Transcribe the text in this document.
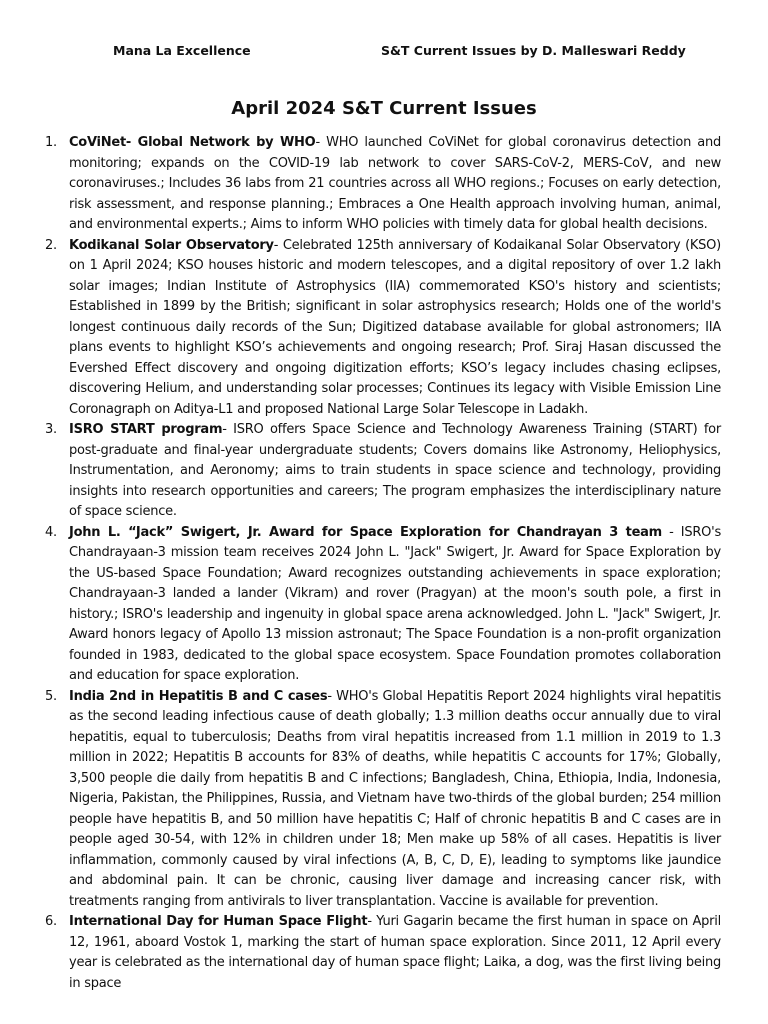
Mana La Excellence	S&T Current Issues by D. Malleswari Reddy
April 2024 S&T Current Issues
1. CoViNet- Global Network by WHO- WHO launched CoViNet for global coronavirus detection and monitoring; expands on the COVID-19 lab network to cover SARS-CoV-2, MERS-CoV, and new coronaviruses.; Includes 36 labs from 21 countries across all WHO regions.; Focuses on early detection, risk assessment, and response planning.; Embraces a One Health approach involving human, animal, and environmental experts.; Aims to inform WHO policies with timely data for global health decisions.
2. Kodikanal Solar Observatory- Celebrated 125th anniversary of Kodaikanal Solar Observatory (KSO) on 1 April 2024; KSO houses historic and modern telescopes, and a digital repository of over 1.2 lakh solar images; Indian Institute of Astrophysics (IIA) commemorated KSO's history and scientists; Established in 1899 by the British; significant in solar astrophysics research; Holds one of the world's longest continuous daily records of the Sun; Digitized database available for global astronomers; IIA plans events to highlight KSO’s achievements and ongoing research; Prof. Siraj Hasan discussed the Evershed Effect discovery and ongoing digitization efforts; KSO’s legacy includes chasing eclipses, discovering Helium, and understanding solar processes; Continues its legacy with Visible Emission Line Coronagraph on Aditya-L1 and proposed National Large Solar Telescope in Ladakh.
3. ISRO START program- ISRO offers Space Science and Technology Awareness Training (START) for post-graduate and final-year undergraduate students; Covers domains like Astronomy, Heliophysics, Instrumentation, and Aeronomy; aims to train students in space science and technology, providing insights into research opportunities and careers; The program emphasizes the interdisciplinary nature of space science.
4. John L. “Jack” Swigert, Jr. Award for Space Exploration for Chandrayan 3 team - ISRO's Chandrayaan-3 mission team receives 2024 John L. "Jack" Swigert, Jr. Award for Space Exploration by the US-based Space Foundation; Award recognizes outstanding achievements in space exploration; Chandrayaan-3 landed a lander (Vikram) and rover (Pragyan) at the moon's south pole, a first in history.; ISRO's leadership and ingenuity in global space arena acknowledged. John L. "Jack" Swigert, Jr. Award honors legacy of Apollo 13 mission astronaut; The Space Foundation is a non-profit organization founded in 1983, dedicated to the global space ecosystem. Space Foundation promotes collaboration and education for space exploration.
5. India 2nd in Hepatitis B and C cases- WHO's Global Hepatitis Report 2024 highlights viral hepatitis as the second leading infectious cause of death globally; 1.3 million deaths occur annually due to viral hepatitis, equal to tuberculosis; Deaths from viral hepatitis increased from 1.1 million in 2019 to 1.3 million in 2022; Hepatitis B accounts for 83% of deaths, while hepatitis C accounts for 17%; Globally, 3,500 people die daily from hepatitis B and C infections; Bangladesh, China, Ethiopia, India, Indonesia, Nigeria, Pakistan, the Philippines, Russia, and Vietnam have two-thirds of the global burden; 254 million people have hepatitis B, and 50 million have hepatitis C; Half of chronic hepatitis B and C cases are in people aged 30-54, with 12% in children under 18; Men make up 58% of all cases. Hepatitis is liver inflammation, commonly caused by viral infections (A, B, C, D, E), leading to symptoms like jaundice and abdominal pain. It can be chronic, causing liver damage and increasing cancer risk, with treatments ranging from antivirals to liver transplantation. Vaccine is available for prevention.
6. International Day for Human Space Flight- Yuri Gagarin became the first human in space on April 12, 1961, aboard Vostok 1, marking the start of human space exploration. Since 2011, 12 April every year is celebrated as the international day of human space flight; Laika, a dog, was the first living being in space
